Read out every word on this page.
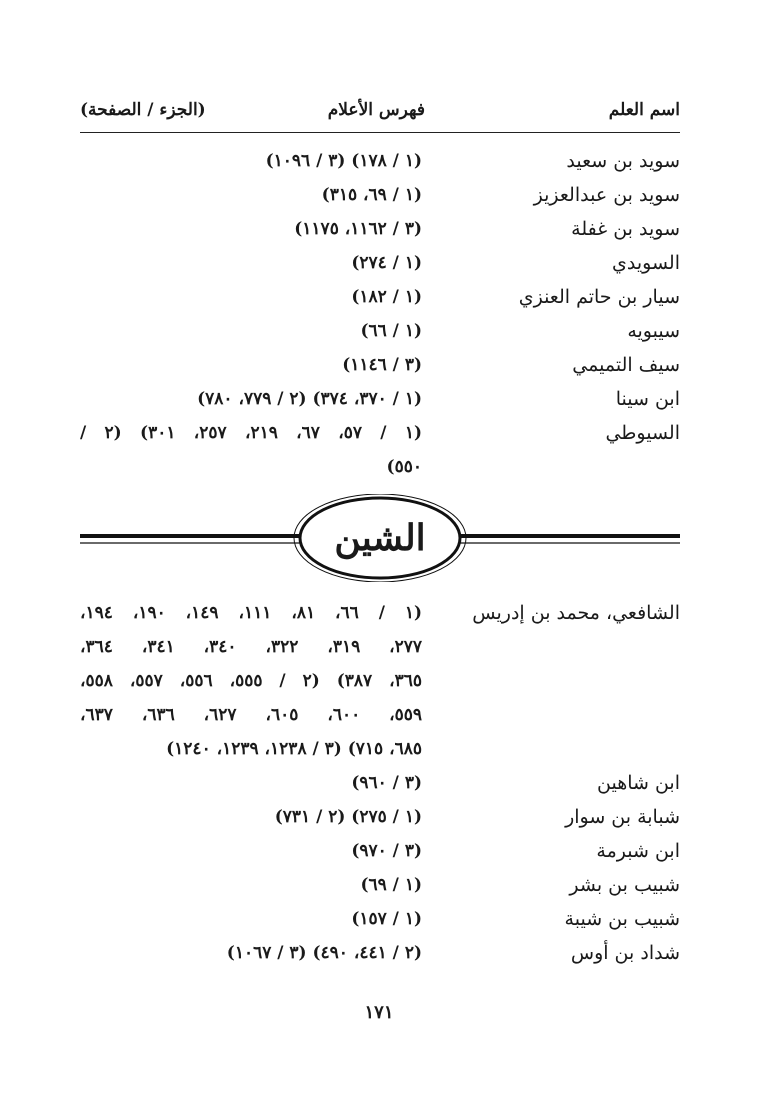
اسم العلم
فهرس الأعلام
(الجزء / الصفحة)
سويد بن سعيد
(١ / ١٧٨) (٣ / ١٠٩٦)
سويد بن عبدالعزيز
(١ / ٦٩، ٣١٥)
سويد بن غفلة
(٣ / ١١٦٢، ١١٧٥)
السويدي
(١ / ٢٧٤)
سيار بن حاتم العنزي
(١ / ١٨٢)
سيبويه
(١ / ٦٦)
سيف التميمي
(٣ / ١١٤٦)
ابن سينا
(١ / ٣٧٠، ٣٧٤) (٢ / ٧٧٩، ٧٨٠)
السيوطي
(١ / ٥٧، ٦٧، ٢١٩، ٢٥٧، ٣٠١) (٢ /
٥٥٠)
الشين
الشافعي، محمد بن إدريس
(١ / ٦٦، ٨١، ١١١، ١٤٩، ١٩٠، ١٩٤،
٢٧٧، ٣١٩، ٣٢٢، ٣٤٠، ٣٤١، ٣٦٤،
٣٦٥، ٣٨٧) (٢ / ٥٥٥، ٥٥٦، ٥٥٧، ٥٥٨،
٥٥٩، ٦٠٠، ٦٠٥، ٦٢٧، ٦٣٦، ٦٣٧،
٦٨٥، ٧١٥) (٣ / ١٢٣٨، ١٢٣٩، ١٢٤٠)
ابن شاهين
(٣ / ٩٦٠)
شبابة بن سوار
(١ / ٢٧٥) (٢ / ٧٣١)
ابن شبرمة
(٣ / ٩٧٠)
شبيب بن بشر
(١ / ٦٩)
شبيب بن شيبة
(١ / ١٥٧)
شداد بن أوس
(٢ / ٤٤١، ٤٩٠) (٣ / ١٠٦٧)
١٧١
